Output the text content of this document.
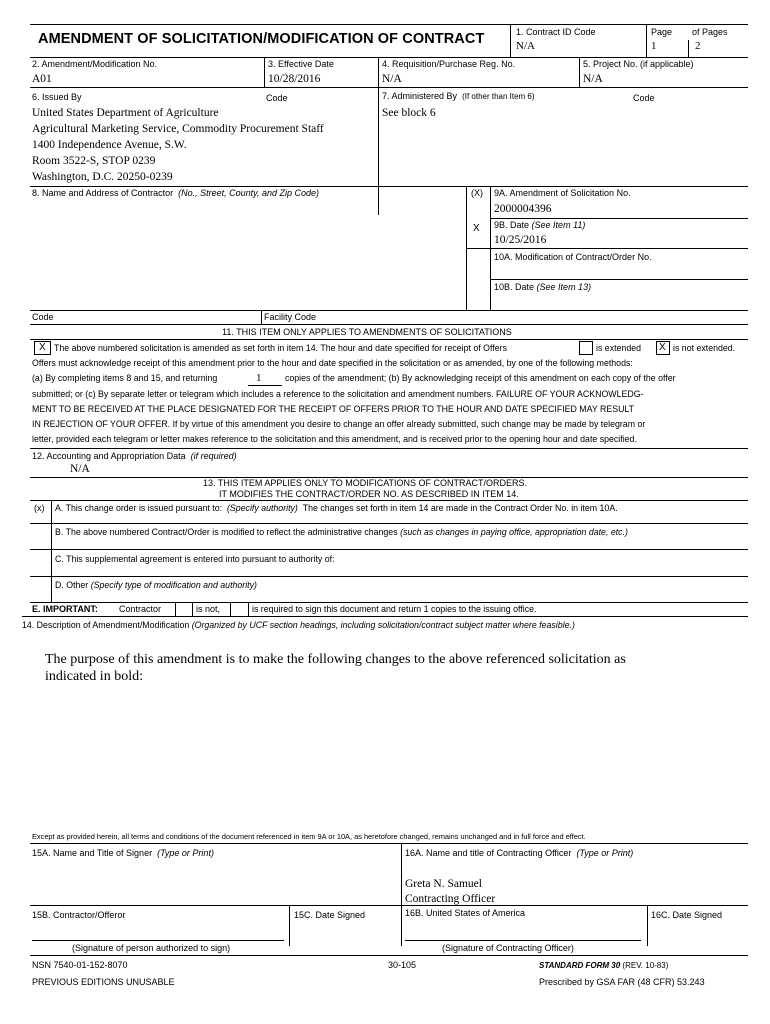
AMENDMENT OF SOLICITATION/MODIFICATION OF CONTRACT	1. Contract ID Code
N/A
Page
1
of Pages
2
2. Amendment/Modification No.
A01
3. Effective Date
10/28/2016
4. Requisition/Purchase Reg. No.
N/A
5. Project No. (if applicable)
N/A
6. Issued By	Code
United States Department of Agriculture
Agricultural Marketing Service, Commodity Procurement Staff
1400 Independence Avenue, S.W.
Room 3522-S, STOP 0239
Washington, D.C. 20250-0239
7. Administered By (If other than Item 6)	Code
See block 6
8. Name and Address of Contractor (No., Street, County, and Zip Code)	(X)
X
9A. Amendment of Solicitation No.
2000004396
9B. Date (See Item 11)
10/25/2016
10A. Modification of Contract/Order No.
10B. Date (See Item 13)
Code	Facility Code
11. THIS ITEM ONLY APPLIES TO AMENDMENTS OF SOLICITATIONS
X The above numbered solicitation is amended as set forth in item 14. The hour and date specified for receipt of Offers	is extended X is not extended.
Offers must acknowledge receipt of this amendment prior to the hour and date specified in the solicitation or as amended, by one of the following methods:
(a) By completing items 8 and 15, and returning	1	copies of the amendment; (b) By acknowledging receipt of this amendment on each copy of the offer
submitted; or (c) By separate letter or telegram which includes a reference to the solicitation and amendment numbers. FAILURE OF YOUR ACKNOWLEDG-
MENT TO BE RECEIVED AT THE PLACE DESIGNATED FOR THE RECEIPT OF OFFERS PRIOR TO THE HOUR AND DATE SPECIFIED MAY RESULT
IN REJECTION OF YOUR OFFER. If by virtue of this amendment you desire to change an offer already submitted, such change may be made by telegram or
letter, provided each telegram or letter makes reference to the solicitation and this amendment, and is received prior to the opening hour and date specified.
12. Accounting and Appropriation Data (if required)
N/A
13. THIS ITEM APPLIES ONLY TO MODIFICATIONS OF CONTRACT/ORDERS.
IT MODIFIES THE CONTRACT/ORDER NO. AS DESCRIBED IN ITEM 14.
(x) A. This change order is issued pursuant to: (Specify authority) The changes set forth in item 14 are made in the Contract Order No. in item 10A.
B. The above numbered Contract/Order is modified to reflect the administrative changes (such as changes in paying office, appropriation date, etc.)
C. This supplemental agreement is entered into pursuant to authority of:
D. Other (Specify type of modification and authority)
E. IMPORTANT: Contractor	is not,	is required to sign this document and return 1 copies to the issuing office.
14. Description of Amendment/Modification (Organized by UCF section headings, including solicitation/contract subject matter where feasible.)
The purpose of this amendment is to make the following changes to the above referenced solicitation as
indicated in bold:
Except as provided herein, all terms and conditions of the document referenced in item 9A or 10A, as heretofore changed, remains unchanged and in full force and effect.
15A. Name and Title of Signer (Type or Print)	16A. Name and title of Contracting Officer (Type or Print)
Greta N. Samuel
Contracting Officer
15B. Contractor/Offeror	15C. Date Signed	16B. United States of America	16C. Date Signed
(Signature of person authorized to sign)	(Signature of Contracting Officer)
NSN 7540-01-152-8070	30-105	STANDARD FORM 30 (REV. 10-83)
PREVIOUS EDITIONS UNUSABLE	Prescribed by GSA FAR (48 CFR) 53.243
